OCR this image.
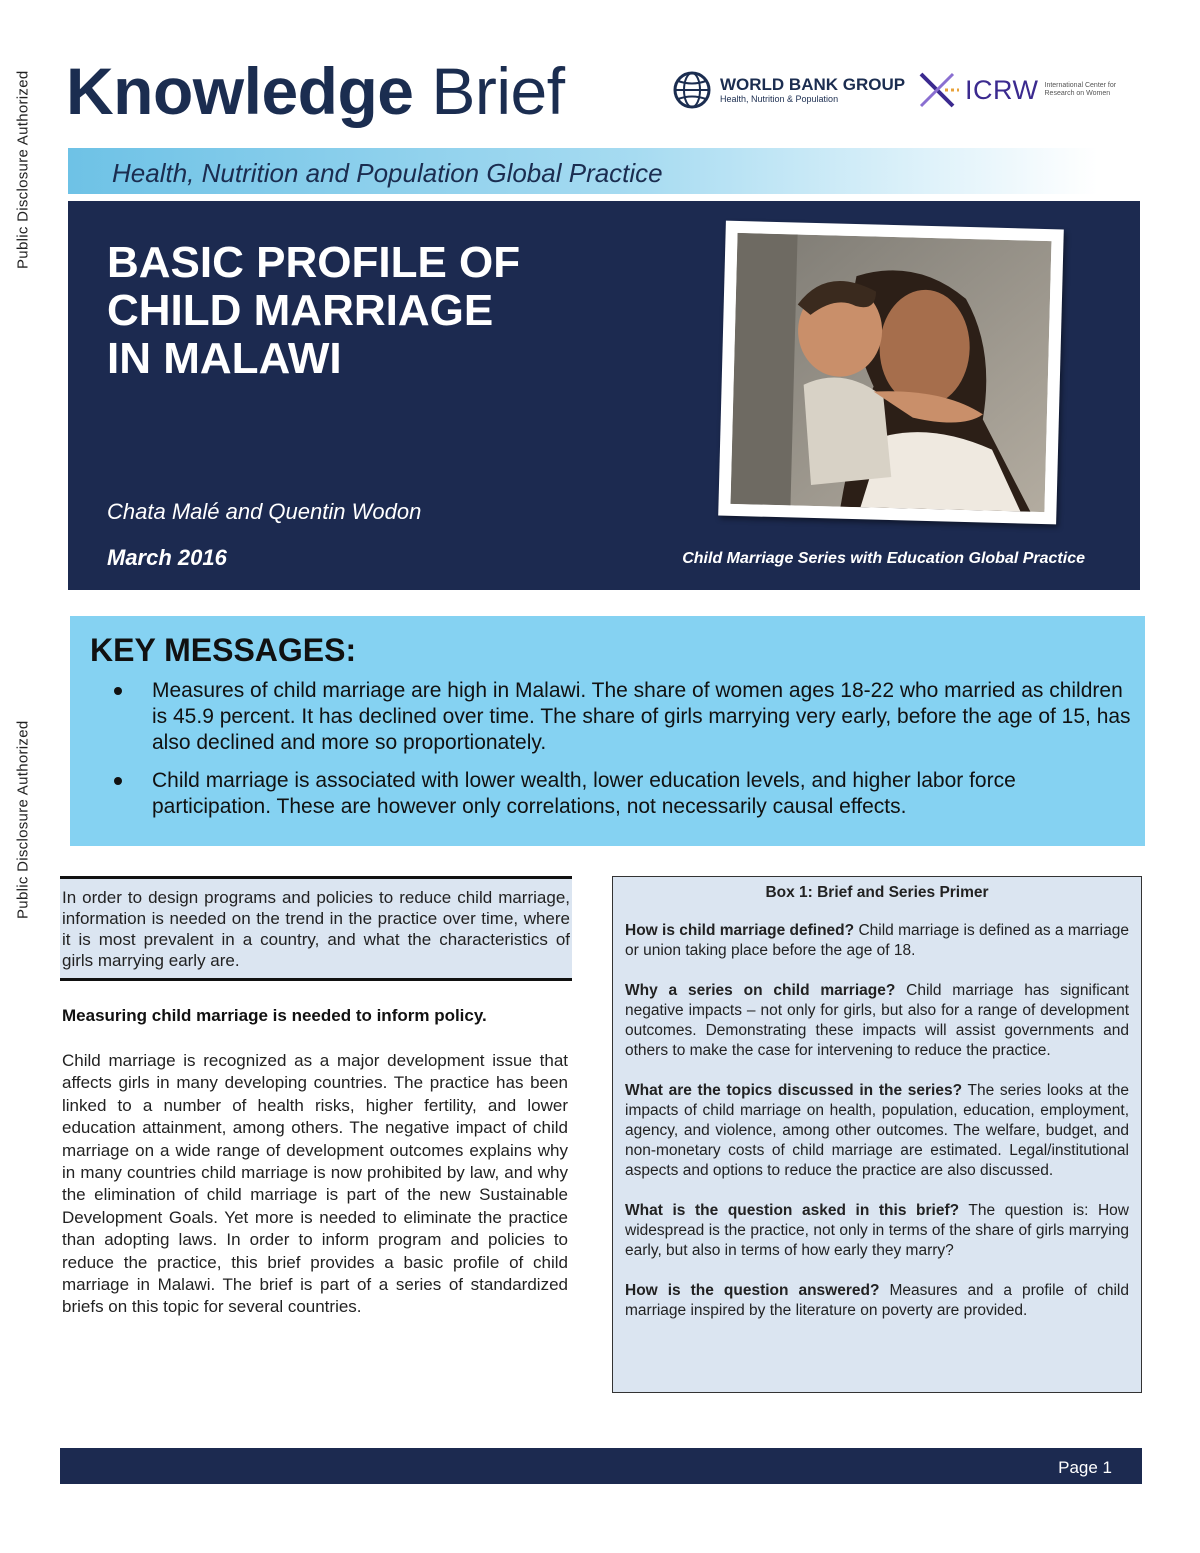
Public Disclosure Authorized
Public Disclosure Authorized
Knowledge Brief	WORLD BANK GROUP
Health, Nutrition & Population	ICRW International Center for Research on Women
Health, Nutrition and Population Global Practice
BASIC PROFILE OF
CHILD MARRIAGE
IN MALAWI
Chata Malé and Quentin Wodon
March 2016	Child Marriage Series with Education Global Practice
KEY MESSAGES:
Measures of child marriage are high in Malawi. The share of women ages 18-22 who married as children is 45.9 percent. It has declined over time. The share of girls marrying very early, before the age of 15, has also declined and more so proportionately.
Child marriage is associated with lower wealth, lower education levels, and higher labor force participation. These are however only correlations, not necessarily causal effects.
In order to design programs and policies to reduce child marriage, information is needed on the trend in the practice over time, where it is most prevalent in a country, and what the characteristics of girls marrying early are.
Measuring child marriage is needed to inform policy.
Child marriage is recognized as a major development issue that affects girls in many developing countries. The practice has been linked to a number of health risks, higher fertility, and lower education attainment, among others. The negative impact of child marriage on a wide range of development outcomes explains why in many countries child marriage is now prohibited by law, and why the elimination of child marriage is part of the new Sustainable Development Goals. Yet more is needed to eliminate the practice than adopting laws. In order to inform program and policies to reduce the practice, this brief provides a basic profile of child marriage in Malawi. The brief is part of a series of standardized briefs on this topic for several countries.
Box 1: Brief and Series Primer
How is child marriage defined? Child marriage is defined as a marriage or union taking place before the age of 18.
Why a series on child marriage? Child marriage has significant negative impacts – not only for girls, but also for a range of development outcomes. Demonstrating these impacts will assist governments and others to make the case for intervening to reduce the practice.
What are the topics discussed in the series? The series looks at the impacts of child marriage on health, population, education, employment, agency, and violence, among other outcomes. The welfare, budget, and non-monetary costs of child marriage are estimated. Legal/institutional aspects and options to reduce the practice are also discussed.
What is the question asked in this brief? The question is: How widespread is the practice, not only in terms of the share of girls marrying early, but also in terms of how early they marry?
How is the question answered? Measures and a profile of child marriage inspired by the literature on poverty are provided.
Page 1
